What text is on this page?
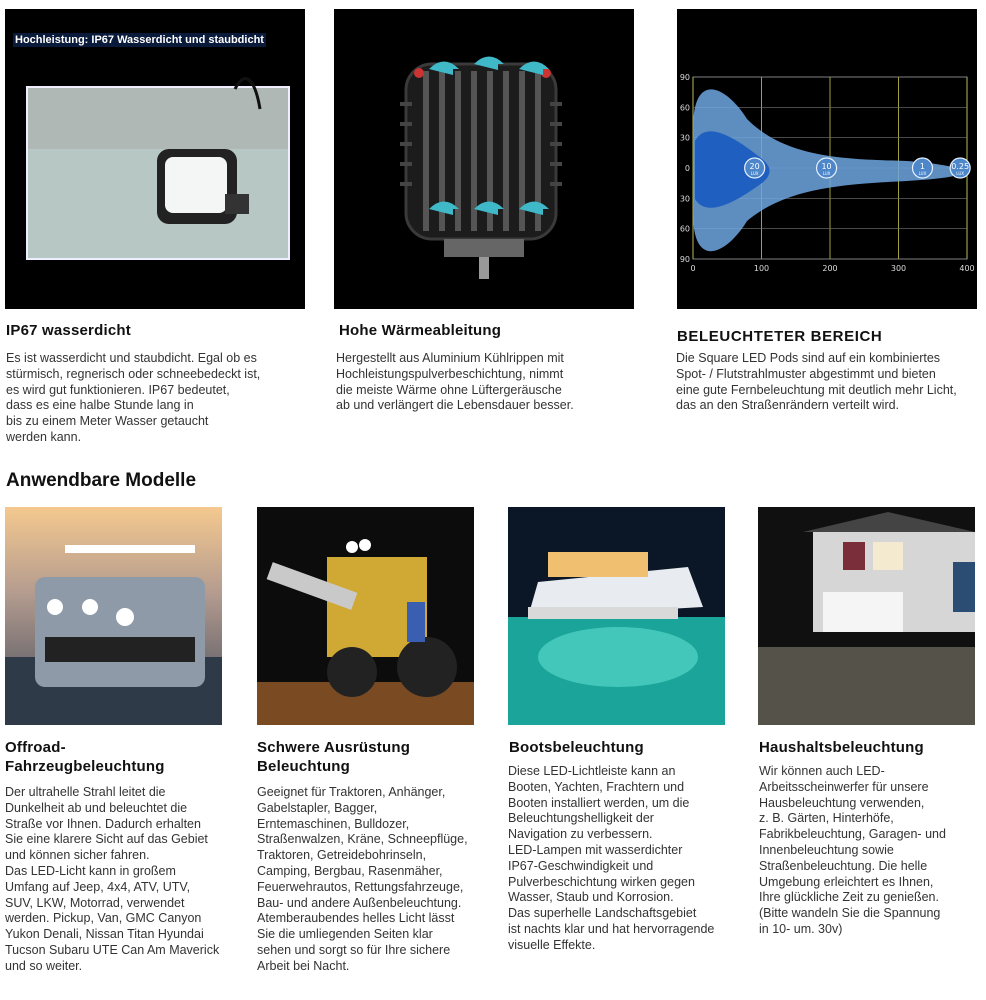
Hochleistung: IP67 Wasserdicht und staubdicht
IP67 wasserdicht
Es ist wasserdicht und staubdicht. Egal ob es
stürmisch, regnerisch oder schneebedeckt ist,
es wird gut funktionieren. IP67 bedeutet,
dass es eine halbe Stunde lang in
bis zu einem Meter Wasser getaucht
werden kann.
Hohe Wärmeableitung
Hergestellt aus Aluminium Kühlrippen mit
Hochleistungspulverbeschichtung, nimmt
die meiste Wärme ohne Lüftergeräusche
ab und verlängert die Lebensdauer besser.
0	100	200	300	400
90
60
30
0
30
60
90
20
LUX
10
LUX
1
LUX
0.25
LUX
BELEUCHTETER BEREICH
Die Square LED Pods sind auf ein kombiniertes
Spot- / Flutstrahlmuster abgestimmt und bieten
eine gute Fernbeleuchtung mit deutlich mehr Licht,
das an den Straßenrändern verteilt wird.
Anwendbare Modelle
Offroad-
Fahrzeugbeleuchtung
Der ultrahelle Strahl leitet die
Dunkelheit ab und beleuchtet die
Straße vor Ihnen. Dadurch erhalten
Sie eine klarere Sicht auf das Gebiet
und können sicher fahren.
Das LED-Licht kann in großem
Umfang auf Jeep, 4x4, ATV, UTV,
SUV, LKW, Motorrad, verwendet
werden. Pickup, Van, GMC Canyon
Yukon Denali, Nissan Titan Hyundai
Tucson Subaru UTE Can Am Maverick
und so weiter.
Schwere Ausrüstung
Beleuchtung
Geeignet für Traktoren, Anhänger,
Gabelstapler, Bagger,
Erntemaschinen, Bulldozer,
Straßenwalzen, Kräne, Schneepflüge,
Traktoren, Getreidebohrinseln,
Camping, Bergbau, Rasenmäher,
Feuerwehrautos, Rettungsfahrzeuge,
Bau- und andere Außenbeleuchtung.
Atemberaubendes helles Licht lässt
Sie die umliegenden Seiten klar
sehen und sorgt so für Ihre sichere
Arbeit bei Nacht.
Bootsbeleuchtung
Diese LED-Lichtleiste kann an
Booten, Yachten, Frachtern und
Booten installiert werden, um die
Beleuchtungshelligkeit der
Navigation zu verbessern.
LED-Lampen mit wasserdichter
IP67-Geschwindigkeit und
Pulverbeschichtung wirken gegen
Wasser, Staub und Korrosion.
Das superhelle Landschaftsgebiet
ist nachts klar und hat hervorragende
visuelle Effekte.
Haushaltsbeleuchtung
Wir können auch LED-
Arbeitsscheinwerfer für unsere
Hausbeleuchtung verwenden,
z. B. Gärten, Hinterhöfe,
Fabrikbeleuchtung, Garagen- und
Innenbeleuchtung sowie
Straßenbeleuchtung. Die helle
Umgebung erleichtert es Ihnen,
Ihre glückliche Zeit zu genießen.
(Bitte wandeln Sie die Spannung
in 10- um. 30v)
